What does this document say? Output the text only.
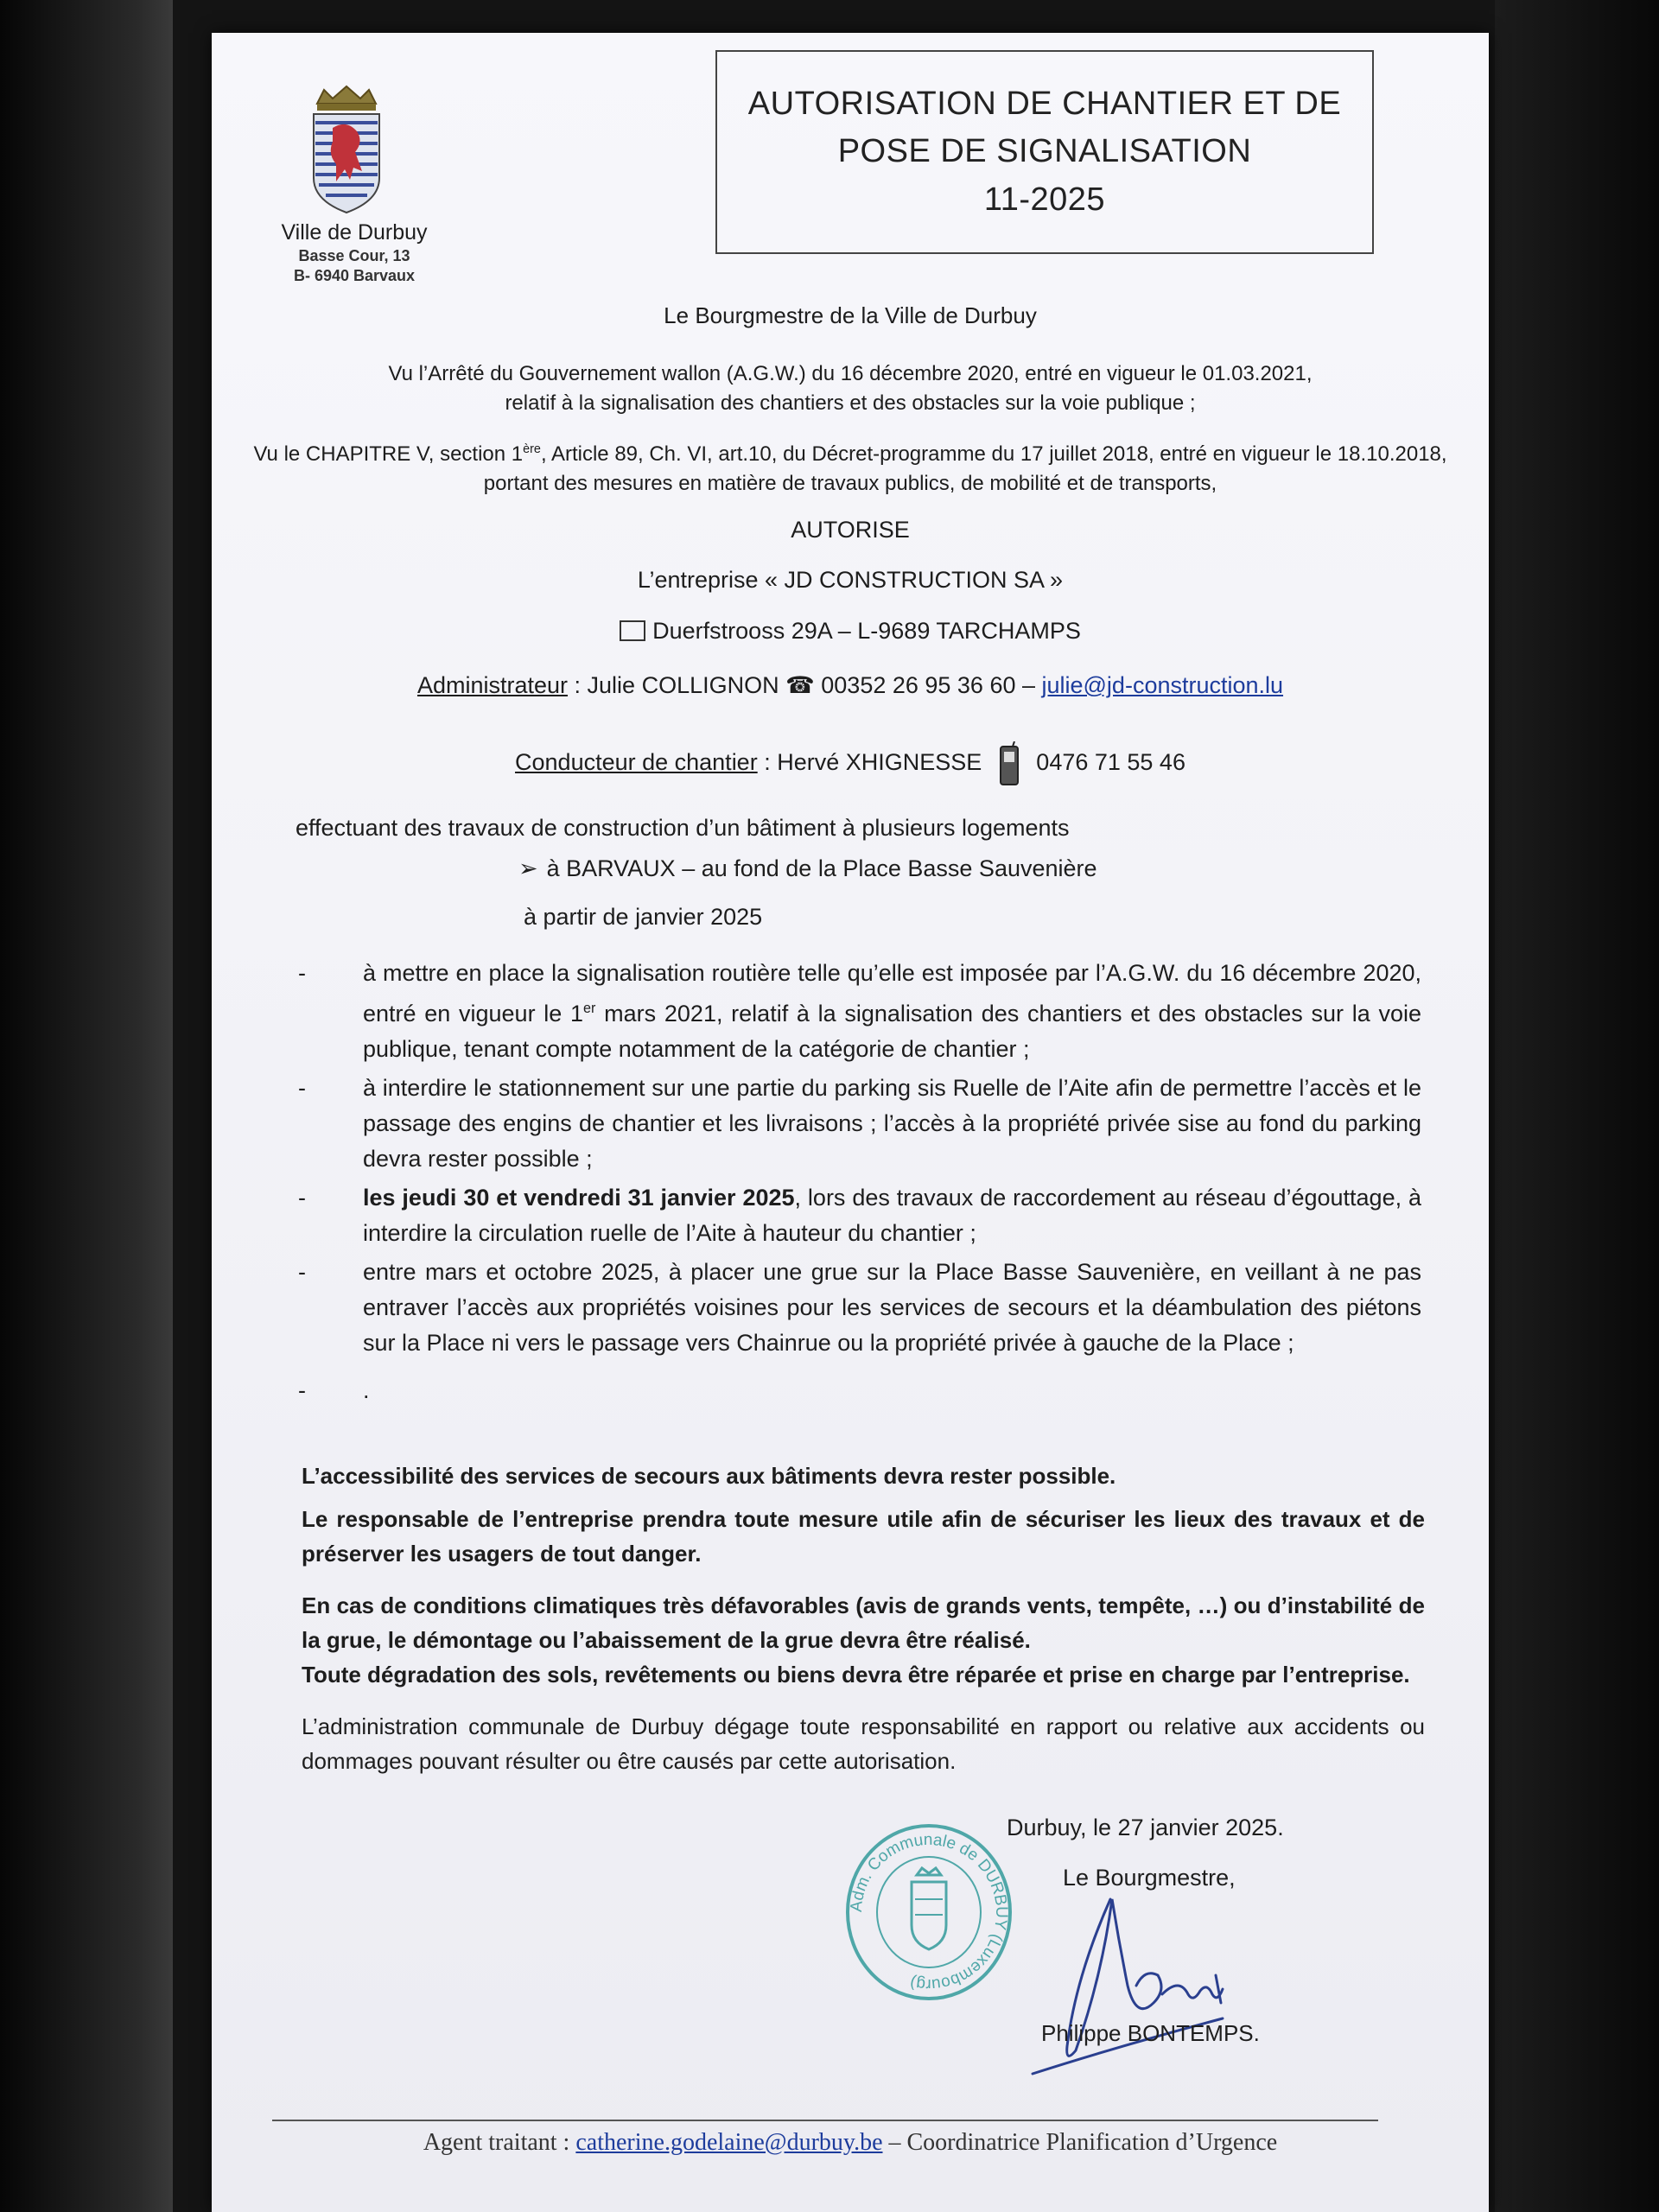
Ville de Durbuy
Basse Cour, 13
B- 6940 Barvaux
AUTORISATION DE CHANTIER ET DE
POSE DE SIGNALISATION
11-2025
Le Bourgmestre de la Ville de Durbuy
Vu l’Arrêté du Gouvernement wallon (A.G.W.) du 16 décembre 2020, entré en vigueur le 01.03.2021,
relatif à la signalisation des chantiers et des obstacles sur la voie publique ;
Vu le CHAPITRE V, section 1ère, Article 89, Ch. VI, art.10, du Décret-programme du 17 juillet 2018, entré en vigueur le 18.10.2018,
portant des mesures en matière de travaux publics, de mobilité et de transports,
AUTORISE
L’entreprise « JD CONSTRUCTION SA »
Duerfstrooss 29A – L-9689 TARCHAMPS
Administrateur : Julie COLLIGNON ☎ 00352 26 95 36 60 – julie@jd-construction.lu
Conducteur de chantier : Hervé XHIGNESSE  0476 71 55 46
effectuant des travaux de construction d’un bâtiment à plusieurs logements
➢ à BARVAUX – au fond de la Place Basse Sauvenière
à partir de janvier 2025
- à mettre en place la signalisation routière telle qu’elle est imposée par l’A.G.W. du 16 décembre 2020, entré en vigueur le 1er mars 2021, relatif à la signalisation des chantiers et des obstacles sur la voie publique, tenant compte notamment de la catégorie de chantier ;
- à interdire le stationnement sur une partie du parking sis Ruelle de l’Aite afin de permettre l’accès et le passage des engins de chantier et les livraisons ; l’accès à la propriété privée sise au fond du parking devra rester possible ;
- les jeudi 30 et vendredi 31 janvier 2025, lors des travaux de raccordement au réseau d’égouttage, à interdire la circulation ruelle de l’Aite à hauteur du chantier ;
- entre mars et octobre 2025, à placer une grue sur la Place Basse Sauvenière, en veillant à ne pas entraver l’accès aux propriétés voisines pour les services de secours et la déambulation des piétons sur la Place ni vers le passage vers Chainrue ou la propriété privée à gauche de la Place ;
- .
L’accessibilité des services de secours aux bâtiments devra rester possible.
Le responsable de l’entreprise prendra toute mesure utile afin de sécuriser les lieux des travaux et de préserver les usagers de tout danger.
En cas de conditions climatiques très défavorables (avis de grands vents, tempête, …) ou d’instabilité de la grue, le démontage ou l’abaissement de la grue devra être réalisé.
Toute dégradation des sols, revêtements ou biens devra être réparée et prise en charge par l’entreprise.
L’administration communale de Durbuy dégage toute responsabilité en rapport ou relative aux accidents ou dommages pouvant résulter ou être causés par cette autorisation.
Adm. Communale de DURBUY (Luxembourg)
Durbuy, le 27 janvier 2025.
Le Bourgmestre,
Philippe BONTEMPS.
Agent traitant : catherine.godelaine@durbuy.be – Coordinatrice Planification d’Urgence
